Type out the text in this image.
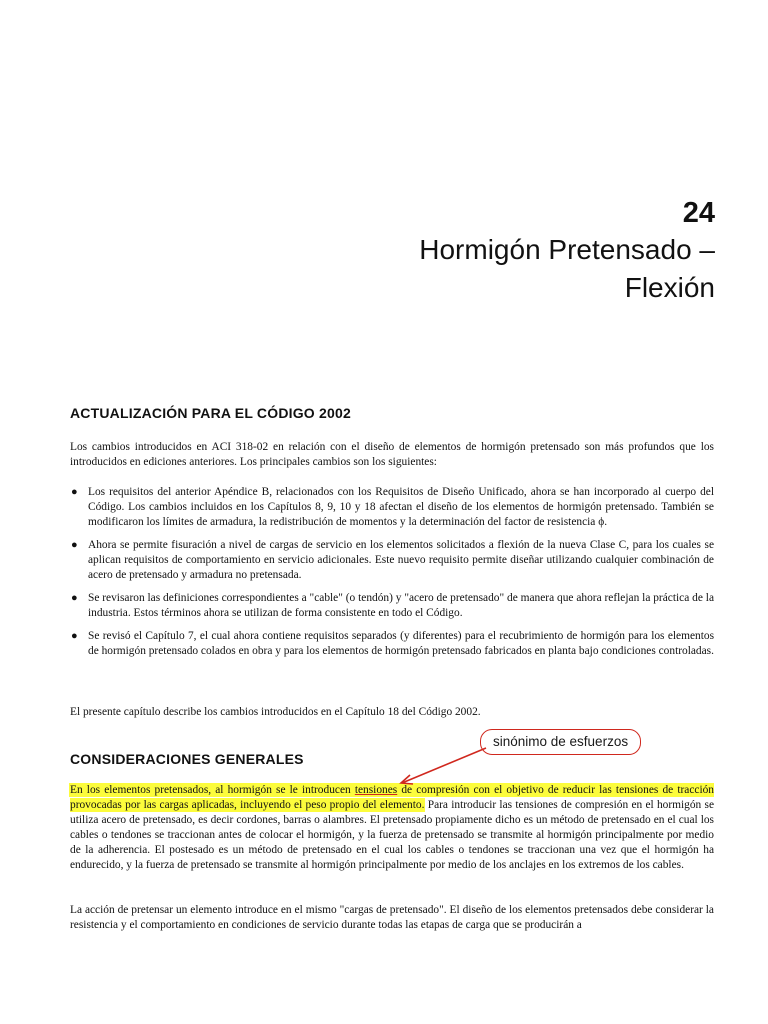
24
Hormigón Pretensado –
Flexión
ACTUALIZACIÓN PARA EL CÓDIGO 2002

Los cambios introducidos en ACI 318-02 en relación con el diseño de elementos de hormigón pretensado son más profundos que los introducidos en ediciones anteriores. Los principales cambios son los siguientes:

● Los requisitos del anterior Apéndice B, relacionados con los Requisitos de Diseño Unificado, ahora se han incorporado al cuerpo del Código. Los cambios incluidos en los Capítulos 8, 9, 10 y 18 afectan el diseño de los elementos de hormigón pretensado. También se modificaron los límites de armadura, la redistribución de momentos y la determinación del factor de resistencia ϕ.
● Ahora se permite fisuración a nivel de cargas de servicio en los elementos solicitados a flexión de la nueva Clase C, para los cuales se aplican requisitos de comportamiento en servicio adicionales. Este nuevo requisito permite diseñar utilizando cualquier combinación de acero de pretensado y armadura no pretensada.
● Se revisaron las definiciones correspondientes a "cable" (o tendón) y "acero de pretensado" de manera que ahora reflejan la práctica de la industria. Estos términos ahora se utilizan de forma consistente en todo el Código.
● Se revisó el Capítulo 7, el cual ahora contiene requisitos separados (y diferentes) para el recubrimiento de hormigón para los elementos de hormigón pretensado colados en obra y para los elementos de hormigón pretensado fabricados en planta bajo condiciones controladas.

El presente capítulo describe los cambios introducidos en el Capítulo 18 del Código 2002.

CONSIDERACIONES GENERALES

En los elementos pretensados, al hormigón se le introducen tensiones de compresión con el objetivo de reducir las tensiones de tracción provocadas por las cargas aplicadas, incluyendo el peso propio del elemento. Para introducir las tensiones de compresión en el hormigón se utiliza acero de pretensado, es decir cordones, barras o alambres. El pretensado propiamente dicho es un método de pretensado en el cual los cables o tendones se traccionan antes de colocar el hormigón, y la fuerza de pretensado se transmite al hormigón principalmente por medio de la adherencia. El postesado es un método de pretensado en el cual los cables o tendones se traccionan una vez que el hormigón ha endurecido, y la fuerza de pretensado se transmite al hormigón principalmente por medio de los anclajes en los extremos de los cables.

La acción de pretensar un elemento introduce en el mismo "cargas de pretensado". El diseño de los elementos pretensados debe considerar la resistencia y el comportamiento en condiciones de servicio durante todas las etapas de carga que se producirán a

sinónimo de esfuerzos
